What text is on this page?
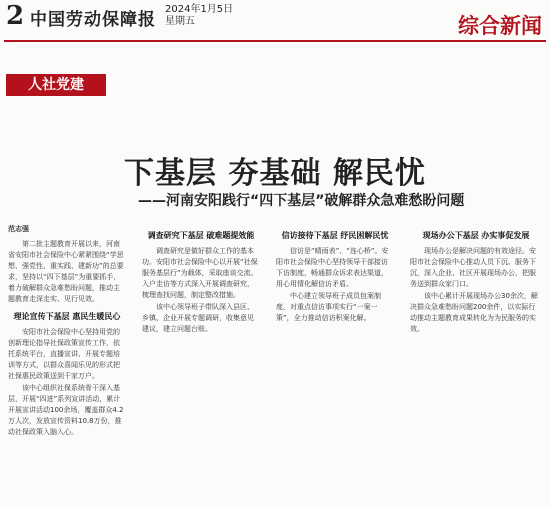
2 中国劳动保障报
2024年1月5日
星期五	综合新闻
人社党建
下基层 夯基础 解民忧
——河南安阳践行“四下基层”破解群众急难愁盼问题

范志强

第二批主题教育开展以来，河南省安阳市社会保险中心紧紧围绕“学思想、强党性、重实践、建新功”的总要求，坚持以“四下基层”为重要抓手，着力破解群众急难愁盼问题，推动主题教育走深走实、见行见效。

理论宣传下基层 惠民生暖民心

安阳市社会保险中心坚持用党的创新理论指导社保政策宣传工作，依托系统平台，直播宣讲、开展专题培训等方式，以群众喜闻乐见的形式把社保惠民政策送到千家万户。

该中心组织社保系统骨干深入基层，开展“四进”系列宣讲活动，累计开展宣讲活动100余场，覆盖群众4.2万人次，发放宣传资料10.8万份，推动社保政策入脑入心。

调查研究下基层 破难题提效能

调查研究是做好群众工作的基本功。安阳市社会保险中心以开展“社保服务基层行”为载体，采取座谈交流、入户走访等方式深入开展调查研究，梳理查找问题，制定整改措施。

该中心领导班子带队深入县区、乡镇、企业开展专题调研，收集意见建议，建立问题台账。

信访接待下基层 纾民困解民忧

信访是“晴雨表”、“连心桥”。安阳市社会保险中心坚持领导干部接访下访制度，畅通群众诉求表达渠道，用心用情化解信访矛盾。

中心建立领导班子成员包案制度，对重点信访事项实行“一案一策”，全力推动信访积案化解。

现场办公下基层 办实事促发展

现场办公是解决问题的有效途径。安阳市社会保险中心推动人员下沉、服务下沉，深入企业、社区开展现场办公，把服务送到群众家门口。

该中心累计开展现场办公30余次，解决群众急难愁盼问题200余件，以实际行动推动主题教育成果转化为为民服务的实效。
